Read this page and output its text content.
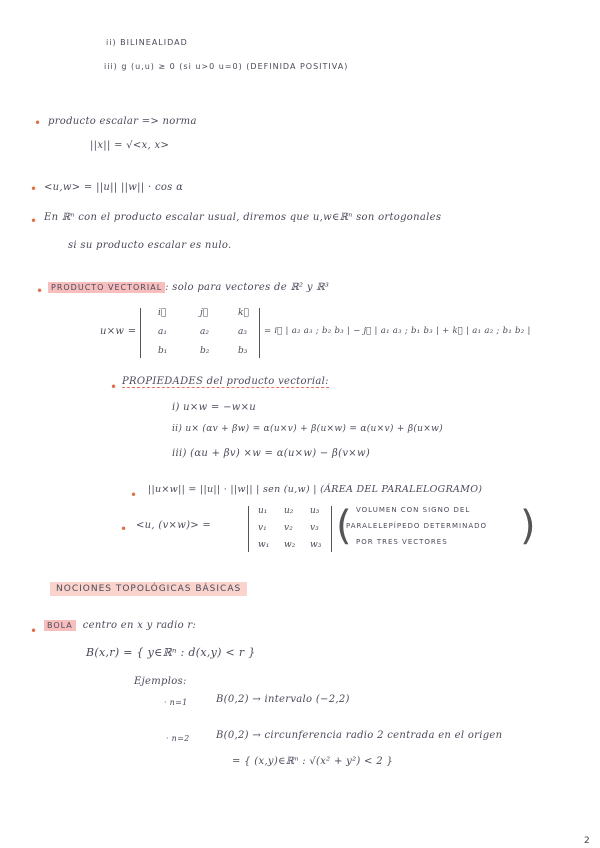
ii) BILINEALIDAD
iii) g (u,u) ≥ 0 (si u>0 u=0) (DEFINIDA POSITIVA)
• producto escalar => norma
||x|| = √<x, x>
• <u,w> = ||u|| ||w|| · cos α
• En ℝⁿ con el producto escalar usual, diremos que u,w∈ℝⁿ son ortogonales
si su producto escalar es nulo.
• PRODUCTO VECTORIAL : solo para vectores de ℝ² y ℝ³
u×w =
i⃗	j⃗	k⃗
a₁	a₂	a₃
b₁	b₂	b₃
= i⃗ | a₂ a₃ ; b₂ b₃ | − j⃗ | a₁ a₃ ; b₁ b₃ | + k⃗ | a₁ a₂ ; b₁ b₂ |
• PROPIEDADES del producto vectorial:
i) u×w = −w×u
ii) u× (αv + βw) = α(u×v) + β(u×w) = α(u×v) + β(u×w)
iii) (αu + βv) ×w = α(u×w) − β(v×w)
• ||u×w|| = ||u|| · ||w|| | sen (u,w) | (ÁREA DEL PARALELOGRAMO)
• <u, (v×w)> =
u₁ u₂ u₃
v₁ v₂ v₃
w₁ w₂ w₃ ( VOLUMEN CON SIGNO DEL
PARALELEPÍPEDO DETERMINADO
POR TRES VECTORES )
NOCIONES TOPOLÓGICAS BÁSICAS
•	BOLA centro en x y radio r:
B(x,r) = { y∈ℝⁿ : d(x,y) < r }
Ejemplos:
· n=1	B(0,2) → intervalo (−2,2)
· n=2	B(0,2) → circunferencia radio 2 centrada en el origen
= { (x,y)∈ℝⁿ : √(x² + y²) < 2 }
2
